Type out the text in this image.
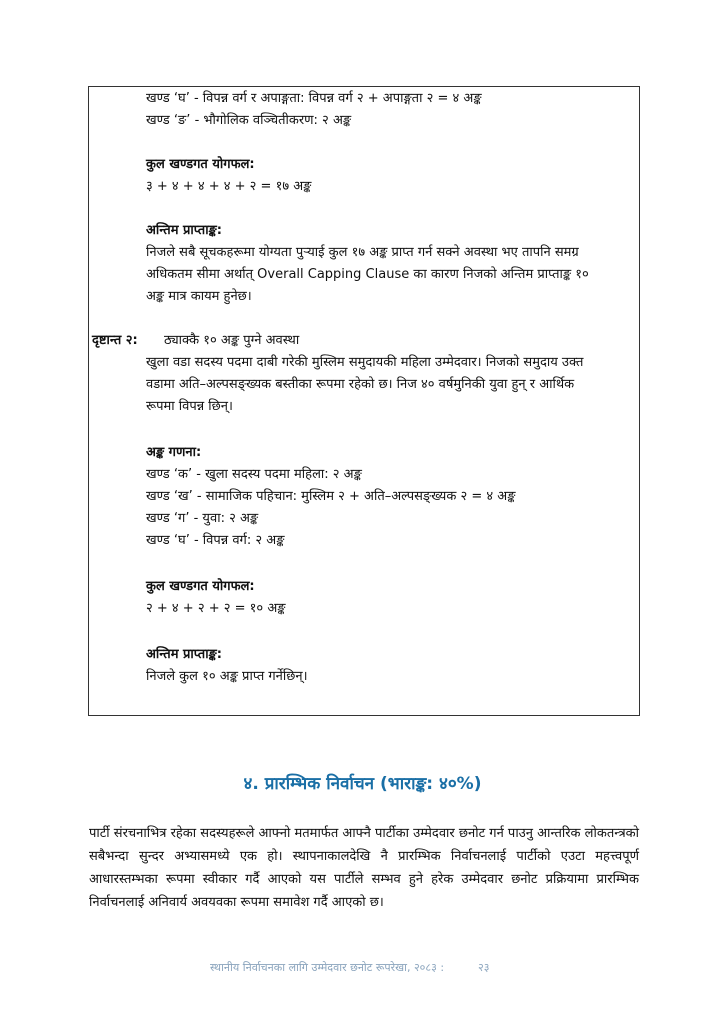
खण्ड ‘घ’ - विपन्न वर्ग र अपाङ्गता: विपन्न वर्ग २ + अपाङ्गता २ = ४ अङ्क
खण्ड ‘ङ’ - भौगोलिक वञ्चितीकरण: २ अङ्क
कुल खण्डगत योगफल:
३ + ४ + ४ + ४ + २ = १७ अङ्क
अन्तिम प्राप्ताङ्क:
निजले सबै सूचकहरूमा योग्यता पुर्‍याई कुल १७ अङ्क प्राप्त गर्न सक्ने अवस्था भए तापनि समग्र
अधिकतम सीमा अर्थात् Overall Capping Clause का कारण निजको अन्तिम प्राप्ताङ्क १०
अङ्क मात्र कायम हुनेछ।
दृष्टान्त २: ठ्याक्कै १० अङ्क पुग्ने अवस्था
खुला वडा सदस्य पदमा दाबी गरेकी मुस्लिम समुदायकी महिला उम्मेदवार। निजको समुदाय उक्त
वडामा अति–अल्पसङ्ख्यक बस्तीका रूपमा रहेको छ। निज ४० वर्षमुनिकी युवा हुन् र आर्थिक
रूपमा विपन्न छिन्।
अङ्क गणना:
खण्ड ‘क’ - खुला सदस्य पदमा महिला: २ अङ्क
खण्ड ‘ख’ - सामाजिक पहिचान: मुस्लिम २ + अति–अल्पसङ्ख्यक २ = ४ अङ्क
खण्ड ‘ग’ - युवा: २ अङ्क
खण्ड ‘घ’ - विपन्न वर्ग: २ अङ्क
कुल खण्डगत योगफल:
२ + ४ + २ + २ = १० अङ्क
अन्तिम प्राप्ताङ्क:
निजले कुल १० अङ्क प्राप्त गर्नेछिन्।
४. प्रारम्भिक निर्वाचन (भाराङ्क: ४०%)
पार्टी संरचनाभित्र रहेका सदस्यहरूले आफ्नो मतमार्फत आफ्नै पार्टीका उम्मेदवार छनोट गर्न पाउनु आन्तरिक लोकतन्त्रको सबैभन्दा सुन्दर अभ्यासमध्ये एक हो। स्थापनाकालदेखि नै प्रारम्भिक निर्वाचनलाई पार्टीको एउटा महत्त्वपूर्ण आधारस्तम्भका रूपमा स्वीकार गर्दै आएको यस पार्टीले सम्भव हुने हरेक उम्मेदवार छनोट प्रक्रियामा प्रारम्भिक निर्वाचनलाई अनिवार्य अवयवका रूपमा समावेश गर्दै आएको छ।
स्थानीय निर्वाचनका लागि उम्मेदवार छनोट रूपरेखा, २०८३ :	२३
